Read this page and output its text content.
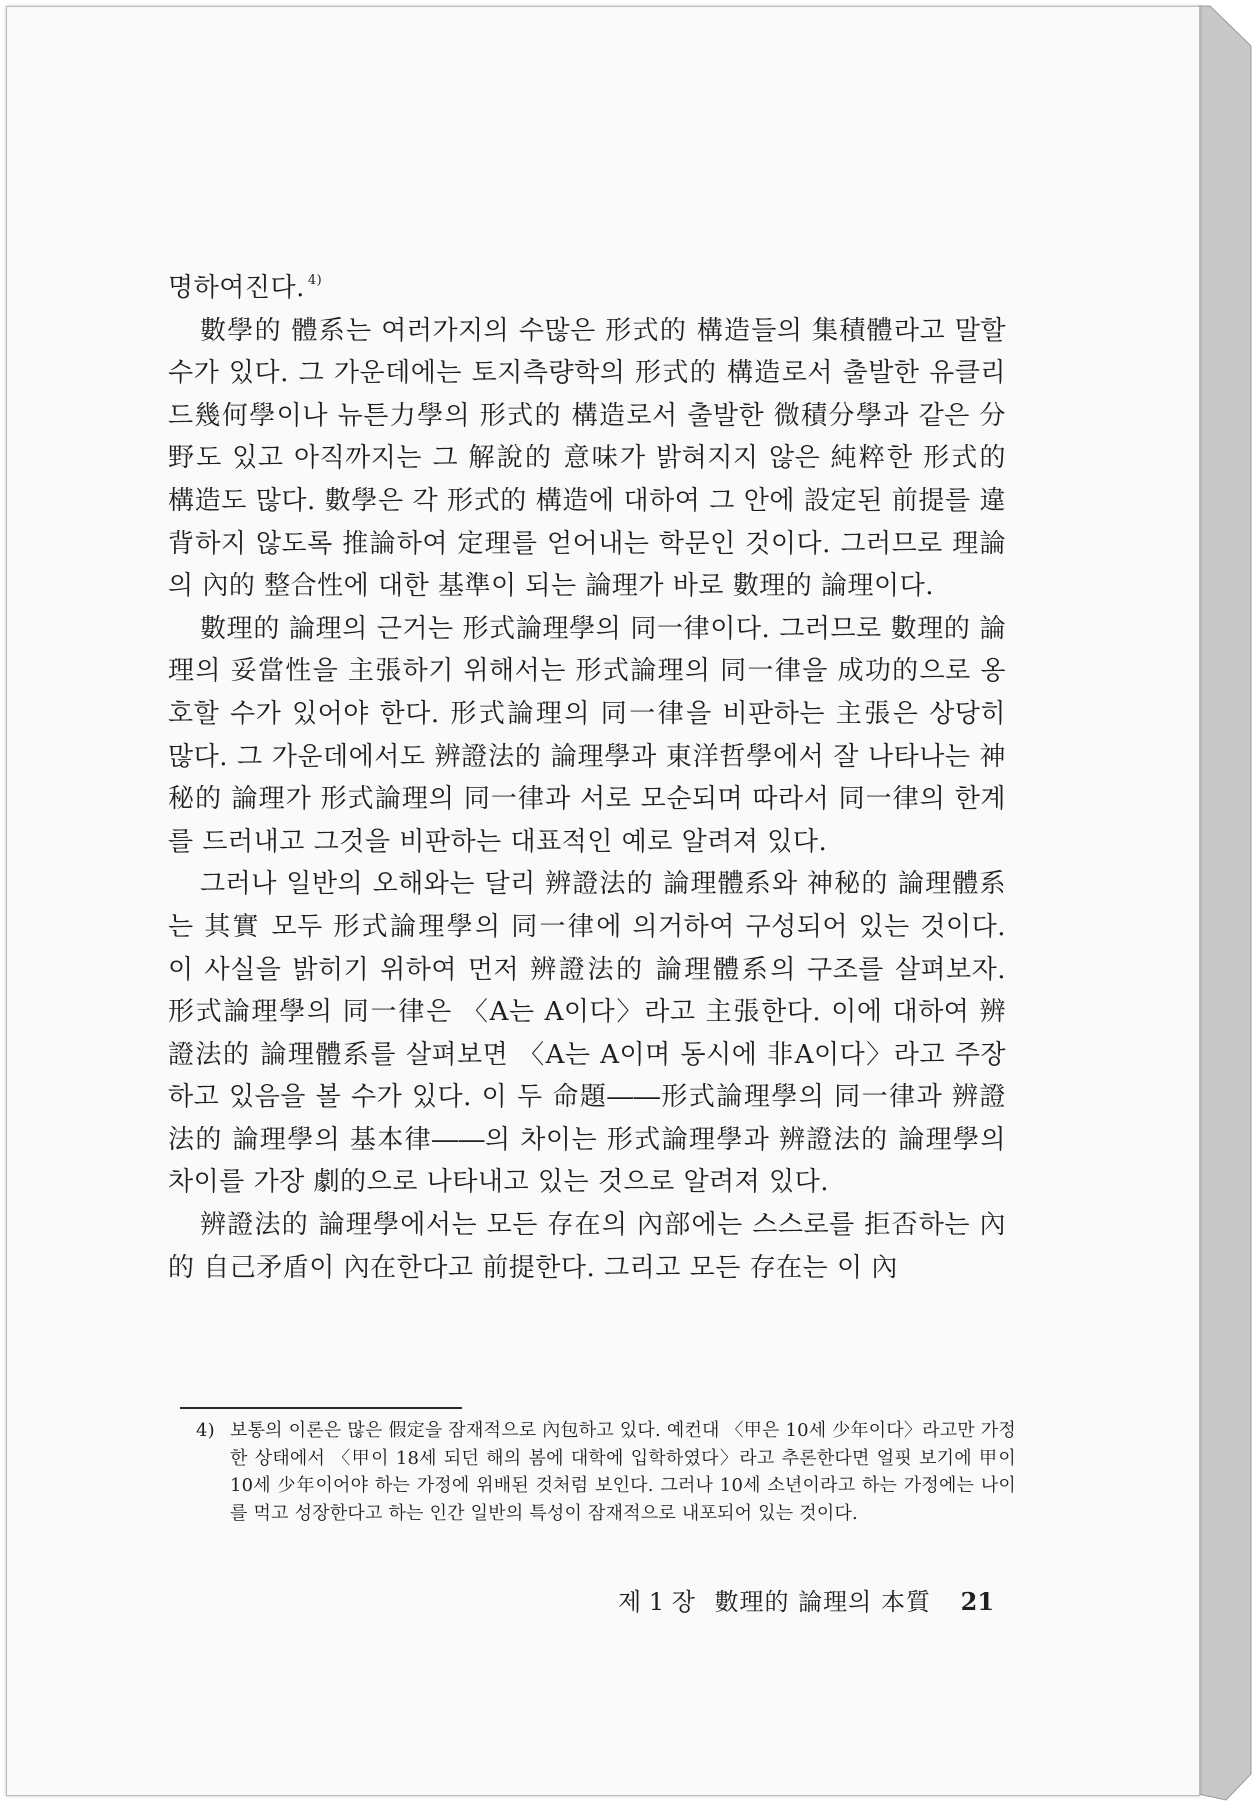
명하여진다. $^{4)}$

數學的 體系는 여러가지의 수많은 形式的 構造들의 集積體라고 말할 수가 있다. 그 가운데에는 토지측량학의 形式的 構造로서 출발한 유클리드幾何學이나 뉴튼力學의 形式的 構造로서 출발한 微積分學과 같은 分野도 있고 아직까지는 그 解說的 意味가 밝혀지지 않은 純粹한 形式的 構造도 많다. 數學은 각 形式的 構造에 대하여 그 안에 設定된 前提를 違背하지 않도록 推論하여 定理를 얻어내는 학문인 것이다. 그러므로 理論의 內的 整合性에 대한 基準이 되는 論理가 바로 數理的 論理이다.

數理的 論理의 근거는 形式論理學의 同一律이다. 그러므로 數理的 論理의 妥當性을 主張하기 위해서는 形式論理의 同一律을 成功的으로 옹호할 수가 있어야 한다. 形式論理의 同一律을 비판하는 主張은 상당히 많다. 그 가운데에서도 辨證法的 論理學과 東洋哲學에서 잘 나타나는 神秘的 論理가 形式論理의 同一律과 서로 모순되며 따라서 同一律의 한계를 드러내고 그것을 비판하는 대표적인 예로 알려져 있다.

그러나 일반의 오해와는 달리 辨證法的 論理體系와 神秘的 論理體系는 其實 모두 形式論理學의 同一律에 의거하여 구성되어 있는 것이다. 이 사실을 밝히기 위하여 먼저 辨證法的 論理體系의 구조를 살펴보자. 形式論理學의 同一律은 〈A는 A이다〉라고 主張한다. 이에 대하여 辨證法的 論理體系를 살펴보면 〈A는 A이며 동시에 非A이다〉라고 주장하고 있음을 볼 수가 있다. 이 두 命題――形式論理學의 同一律과 辨證法的 論理學의 基本律――의 차이는 形式論理學과 辨證法的 論理學의 차이를 가장 劇的으로 나타내고 있는 것으로 알려져 있다.

辨證法的 論理學에서는 모든 存在의 內部에는 스스로를 拒否하는 內的 自己矛盾이 內在한다고 前提한다. 그리고 모든 存在는 이 內

4) 보통의 이론은 많은 假定을 잠재적으로 內包하고 있다. 예컨대 〈甲은 10세 少年이다〉라고만 가정한 상태에서 〈甲이 18세 되던 해의 봄에 대학에 입학하였다〉라고 추론한다면 얼핏 보기에 甲이 10세 少年이어야 하는 가정에 위배된 것처럼 보인다. 그러나 10세 소년이라고 하는 가정에는 나이를 먹고 성장한다고 하는 인간 일반의 특성이 잠재적으로 내포되어 있는 것이다.
제 1 장 數理的 論理의 本質 21
